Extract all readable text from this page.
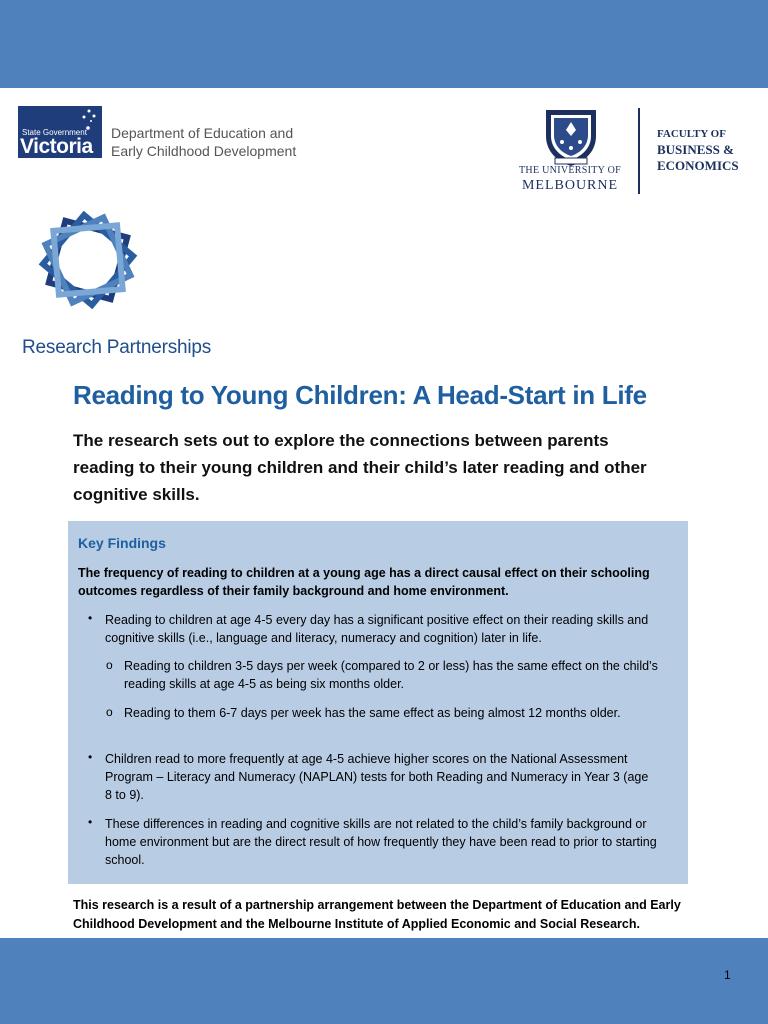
State Government
Victoria
Department of Education and
Early Childhood Development
THE UNIVERSITY OF
MELBOURNE
FACULTY OF
BUSINESS &
ECONOMICS
Research Partnerships
Reading to Young Children: A Head-Start in Life
The research sets out to explore the connections between parents reading to their young children and their child’s later reading and other cognitive skills.
Key Findings
The frequency of reading to children at a young age has a direct causal effect on their schooling outcomes regardless of their family background and home environment.
• Reading to children at age 4-5 every day has a significant positive effect on their reading skills and cognitive skills (i.e., language and literacy, numeracy and cognition) later in life.
o Reading to children 3-5 days per week (compared to 2 or less) has the same effect on the child’s reading skills at age 4-5 as being six months older.
o Reading to them 6-7 days per week has the same effect as being almost 12 months older.
• Children read to more frequently at age 4-5 achieve higher scores on the National Assessment Program – Literacy and Numeracy (NAPLAN) tests for both Reading and Numeracy in Year 3 (age 8 to 9).
• These differences in reading and cognitive skills are not related to the child’s family background or home environment but are the direct result of how frequently they have been read to prior to starting school.
This research is a result of a partnership arrangement between the Department of Education and Early Childhood Development and the Melbourne Institute of Applied Economic and Social Research.
1
